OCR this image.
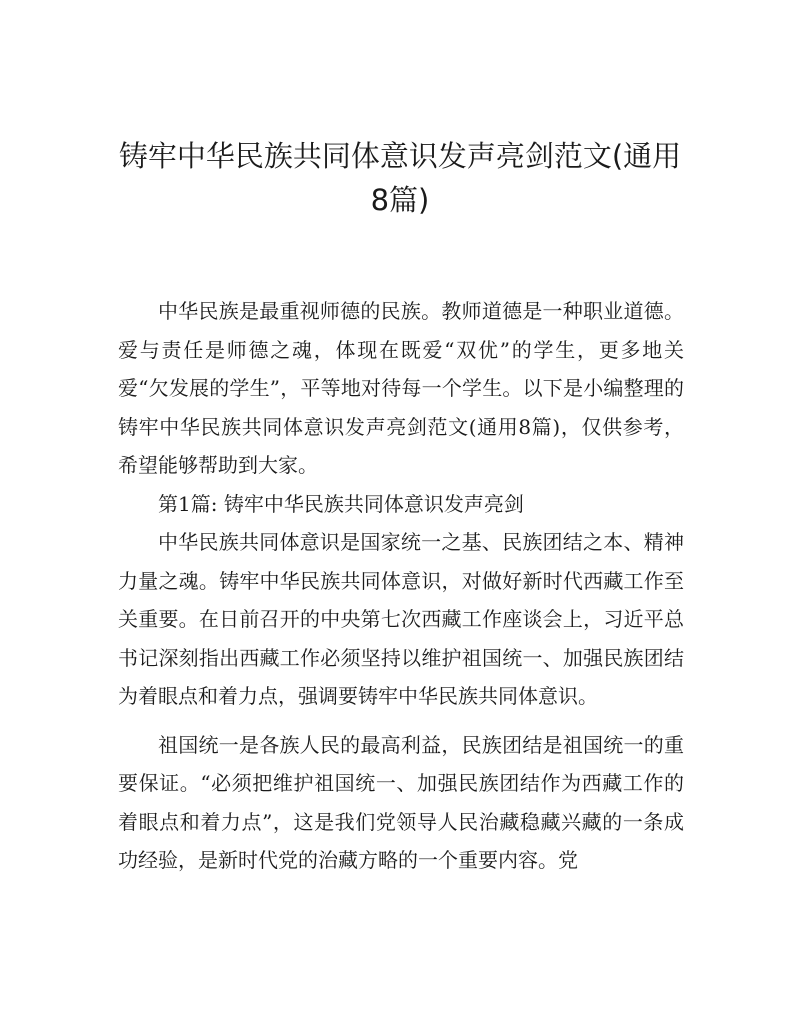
铸牢中华民族共同体意识发声亮剑范文(通用8篇)

中华民族是最重视师德的民族。教师道德是一种职业道德。爱与责任是师德之魂，体现在既爱“双优”的学生，更多地关爱“欠发展的学生”，平等地对待每一个学生。以下是小编整理的铸牢中华民族共同体意识发声亮剑范文(通用8篇)，仅供参考，希望能够帮助到大家。

第1篇: 铸牢中华民族共同体意识发声亮剑

中华民族共同体意识是国家统一之基、民族团结之本、精神力量之魂。铸牢中华民族共同体意识，对做好新时代西藏工作至关重要。在日前召开的中央第七次西藏工作座谈会上，习近平总书记深刻指出西藏工作必须坚持以维护祖国统一、加强民族团结为着眼点和着力点，强调要铸牢中华民族共同体意识。

祖国统一是各族人民的最高利益，民族团结是祖国统一的重要保证。“必须把维护祖国统一、加强民族团结作为西藏工作的着眼点和着力点”，这是我们党领导人民治藏稳藏兴藏的一条成功经验，是新时代党的治藏方略的一个重要内容。党
